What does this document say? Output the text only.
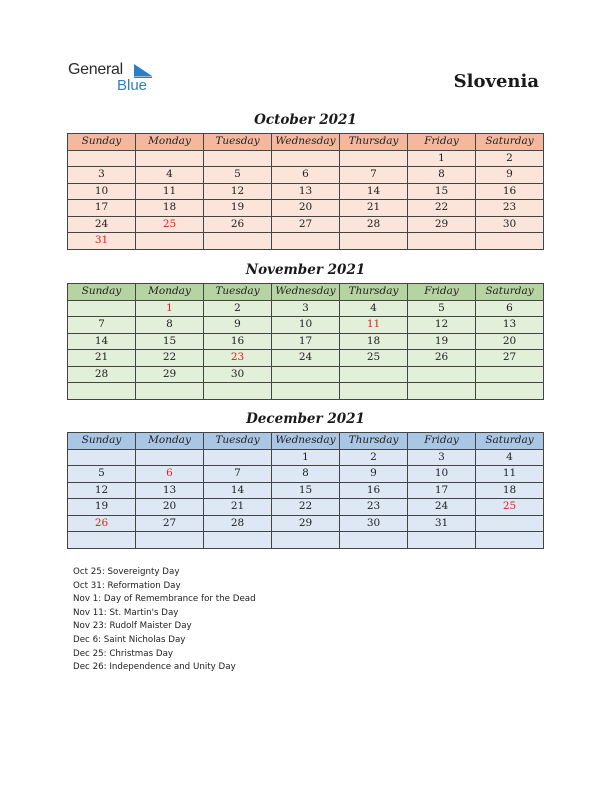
General
Blue	Slovenia
October 2021
Sunday	Monday	Tuesday	Wednesday	Thursday	Friday	Saturday
					1	2
3	4	5	6	7	8	9
10	11	12	13	14	15	16
17	18	19	20	21	22	23
24	25	26	27	28	29	30
31						
November 2021
Sunday	Monday	Tuesday	Wednesday	Thursday	Friday	Saturday
	1	2	3	4	5	6
7	8	9	10	11	12	13
14	15	16	17	18	19	20
21	22	23	24	25	26	27
28	29	30				

December 2021
Sunday	Monday	Tuesday	Wednesday	Thursday	Friday	Saturday
			1	2	3	4
5	6	7	8	9	10	11
12	13	14	15	16	17	18
19	20	21	22	23	24	25
26	27	28	29	30	31	

Oct 25: Sovereignty Day
Oct 31: Reformation Day
Nov 1: Day of Remembrance for the Dead
Nov 11: St. Martin's Day
Nov 23: Rudolf Maister Day
Dec 6: Saint Nicholas Day
Dec 25: Christmas Day
Dec 26: Independence and Unity Day
